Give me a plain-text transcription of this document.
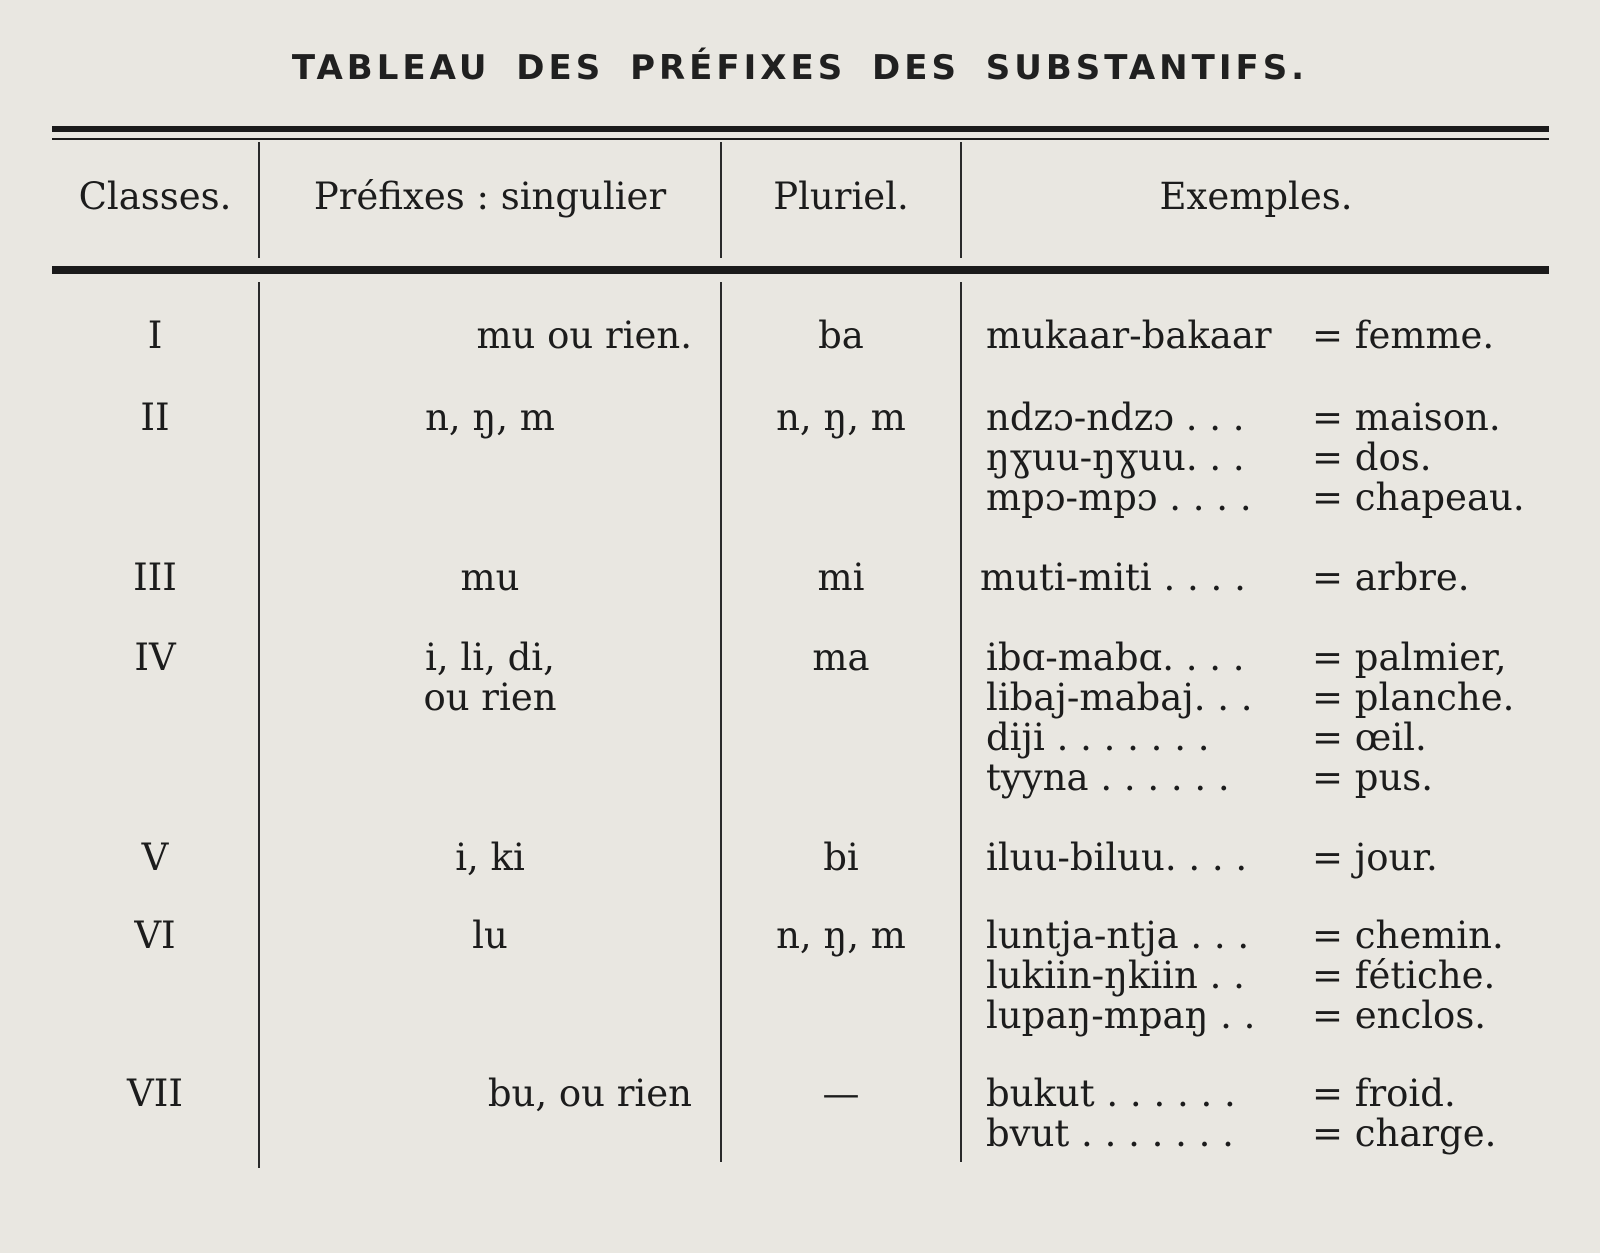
TABLEAU DES PRÉFIXES DES SUBSTANTIFS.
Classes.	Préfixes : singulier	Pluriel.	Exemples.
I	mu ou rien.	ba	mukaar-bakaar = femme.
II	n, ŋ, m	n, ŋ, m	ndzɔ-ndzɔ . . . = maison.
ŋɣuu-ŋɣuu. . . = dos.
mpɔ-mpɔ . . . . = chapeau.
III	mu	mi	muti-miti . . . . = arbre.
IV	i, li, di,
ou rien
ma	ibɑ-mabɑ. . . . = palmier,
libaj-mabaj. . . = planche.
diji . . . . . . .	= œil.
tyyna . . . . . . = pus.
V	i, ki	bi	iluu-biluu. . . . = jour.
VI	lu	n, ŋ, m	luntja-ntja . . . = chemin.
lukiin-ŋkiin . . = fétiche.
lupaŋ-mpaŋ . . = enclos.
VII	bu, ou rien	—	bukut . . . . . . = froid.
bvut . . . . . . . = charge.
